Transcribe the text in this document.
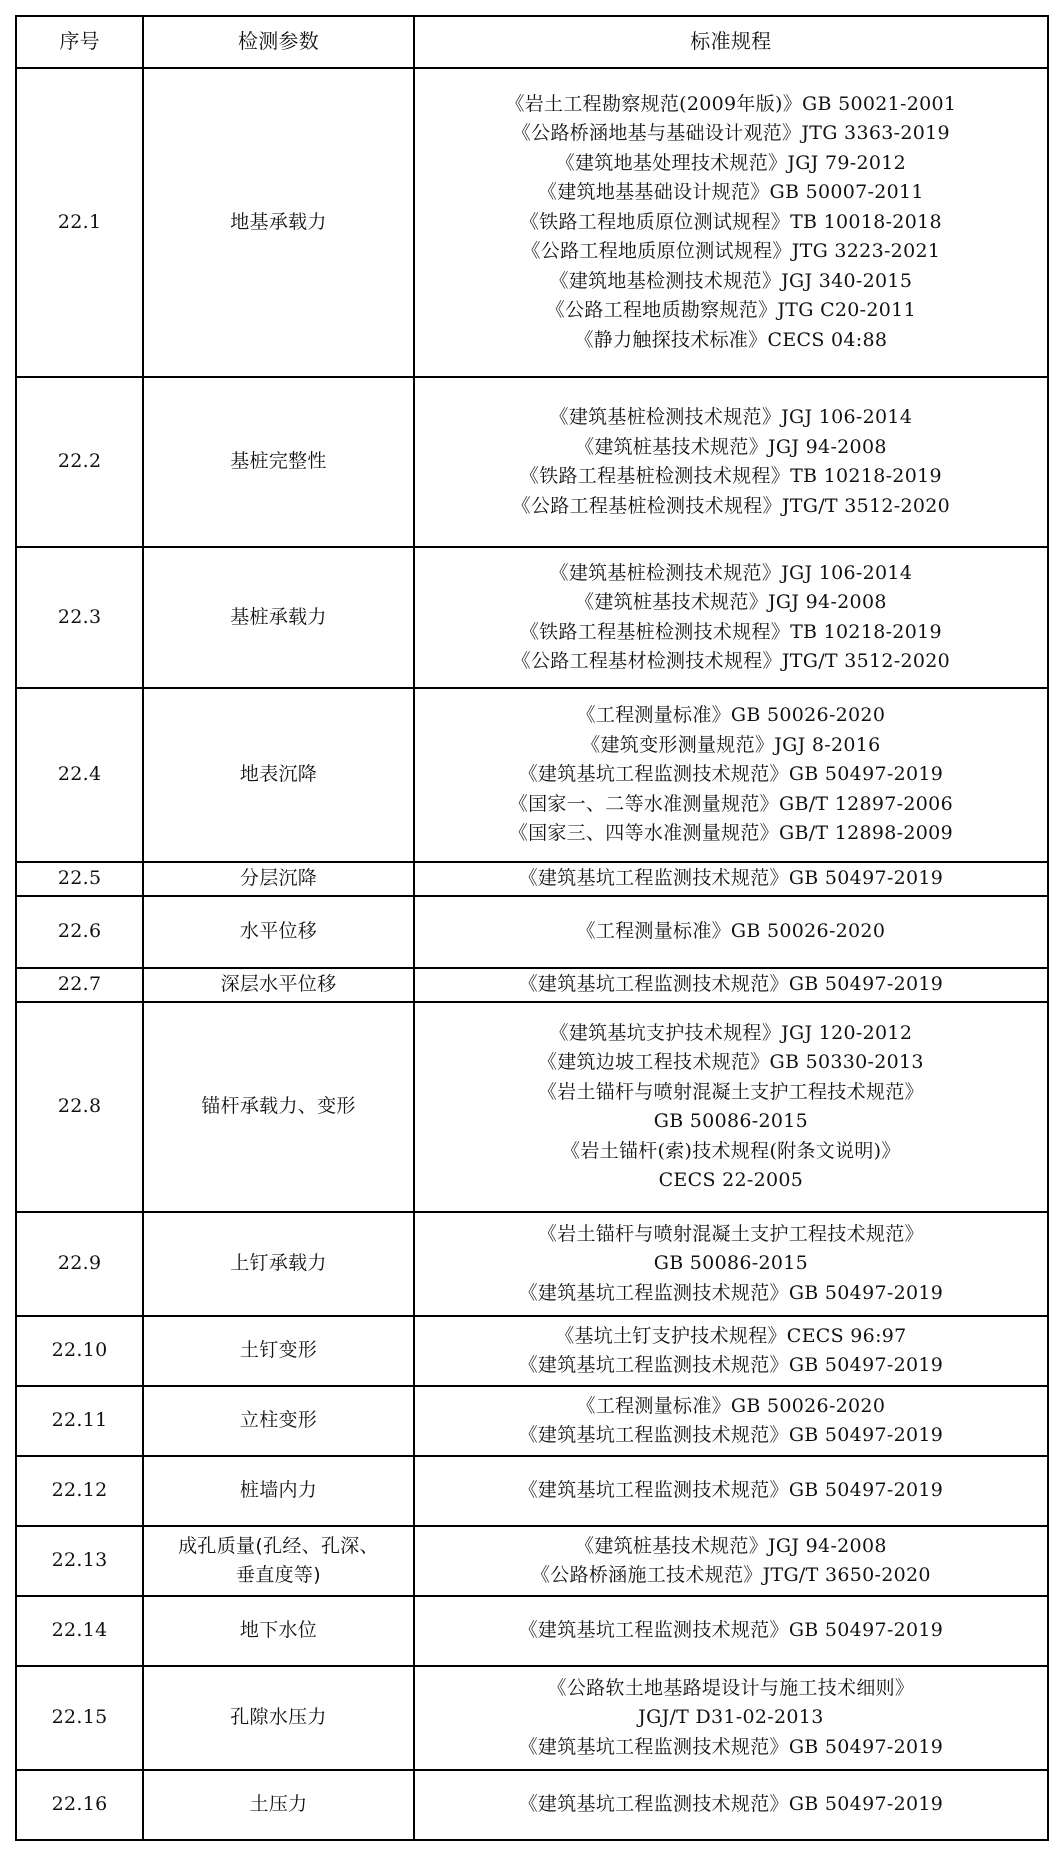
序号	检测参数	标准规程
22.1	地基承载力	
《岩土工程勘察规范(2009年版)》GB 50021-2001
《公路桥涵地基与基础设计观范》JTG 3363-2019
《建筑地基处理技术规范》JGJ 79-2012
《建筑地基基础设计规范》GB 50007-2011
《铁路工程地质原位测试规程》TB 10018-2018
《公路工程地质原位测试规程》JTG 3223-2021
《建筑地基检测技术规范》JGJ 340-2015
《公路工程地质勘察规范》JTG C20-2011
《静力触探技术标准》CECS 04:88

22.2	基桩完整性	《建筑基桩检测技术规范》JGJ 106-2014
《建筑桩基技术规范》JGJ 94-2008
《铁路工程基桩检测技术规程》TB 10218-2019
《公路工程基桩检测技术规程》JTG/T 3512-2020

22.3	基桩承载力	《建筑基桩检测技术规范》JGJ 106-2014
《建筑桩基技术规范》JGJ 94-2008
《铁路工程基桩检测技术规程》TB 10218-2019
《公路工程基材检测技术规程》JTG/T 3512-2020

22.4	地表沉降	《工程测量标准》GB 50026-2020
《建筑变形测量规范》JGJ 8-2016
《建筑基坑工程监测技术规范》GB 50497-2019
《国家一、二等水准测量规范》GB/T 12897-2006
《国家三、四等水准测量规范》GB/T 12898-2009

22.5	分层沉降	《建筑基坑工程监测技术规范》GB 50497-2019

22.6	水平位移	《工程测量标准》GB 50026-2020

22.7	深层水平位移	《建筑基坑工程监测技术规范》GB 50497-2019

22.8	锚杆承载力、变形	
《建筑基坑支护技术规程》JGJ 120-2012
《建筑边坡工程技术规范》GB 50330-2013
《岩土锚杆与喷射混凝土支护工程技术规范》
GB 50086-2015
《岩土锚杆(索)技术规程(附条文说明)》
CECS 22-2005

22.9	上钉承载力	《岩土锚杆与喷射混凝土支护工程技术规范》
GB 50086-2015
《建筑基坑工程监测技术规范》GB 50497-2019

22.10	土钉变形	《基坑土钉支护技术规程》CECS 96:97
《建筑基坑工程监测技术规范》GB 50497-2019

22.11	立柱变形	《工程测量标准》GB 50026-2020
《建筑基坑工程监测技术规范》GB 50497-2019

22.12	桩墙内力	《建筑基坑工程监测技术规范》GB 50497-2019

22.13	成孔质量(孔经、孔深、
垂直度等)	《建筑桩基技术规范》JGJ 94-2008
《公路桥涵施工技术规范》JTG/T 3650-2020

22.14	地下水位	《建筑基坑工程监测技术规范》GB 50497-2019

22.15	孔隙水压力	《公路软土地基路堤设计与施工技术细则》
JGJ/T D31-02-2013
《建筑基坑工程监测技术规范》GB 50497-2019

22.16	土压力	《建筑基坑工程监测技术规范》GB 50497-2019
